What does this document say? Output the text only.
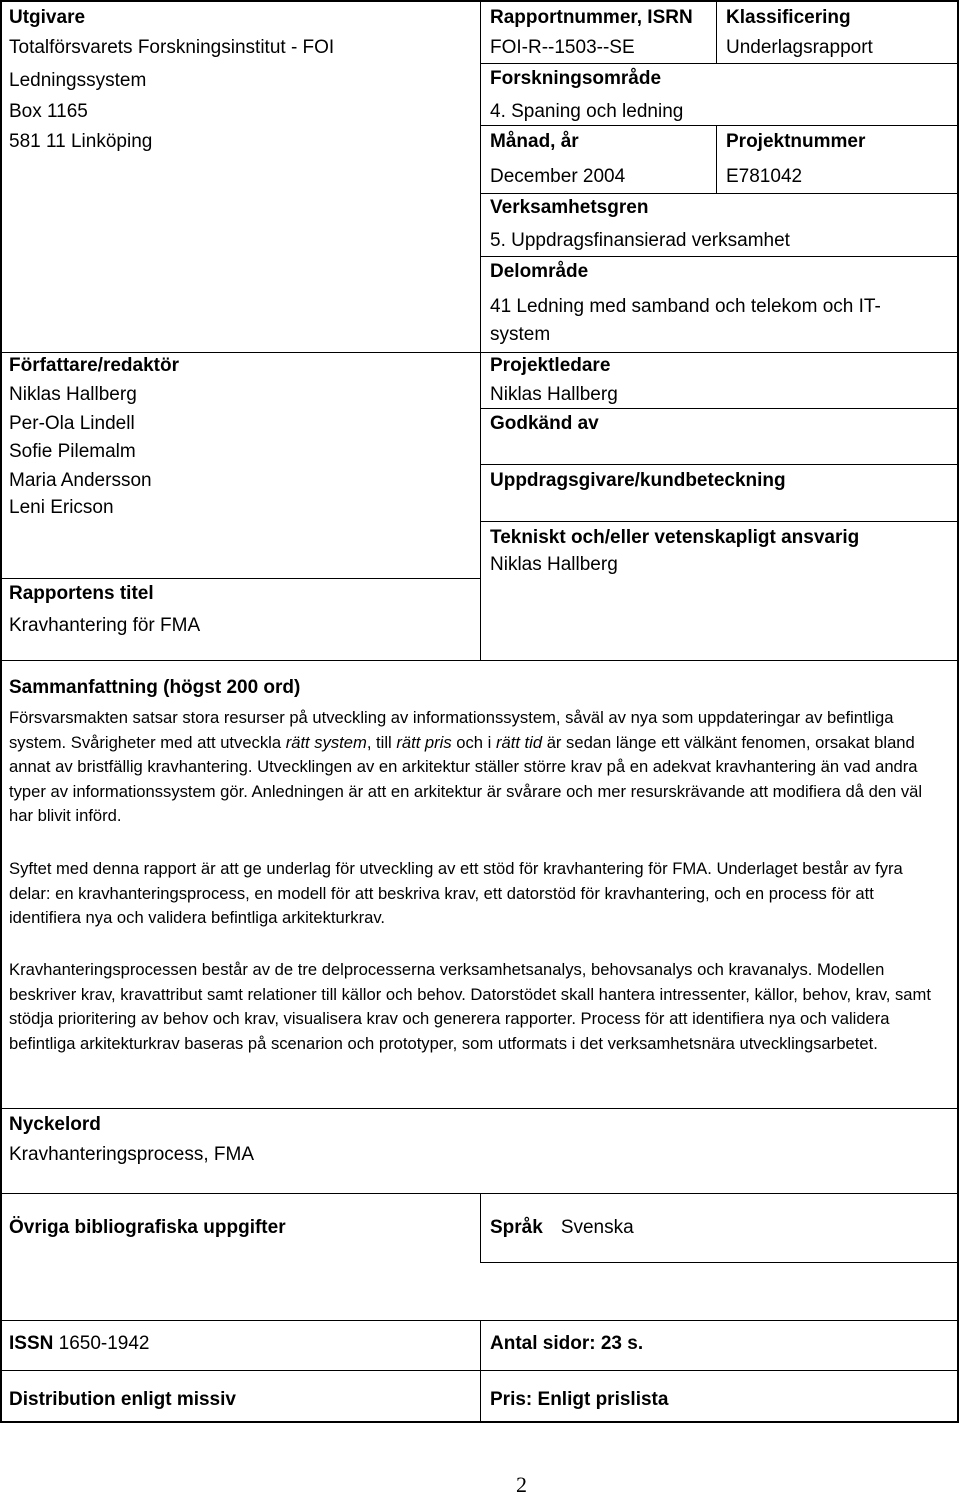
Utgivare
Totalförsvarets Forskningsinstitut - FOI
Ledningssystem
Box 1165
581 11 Linköping
Författare/redaktör
Niklas Hallberg
Per-Ola Lindell
Sofie Pilemalm
Maria Andersson
Leni Ericson
Rapportens titel
Kravhantering för FMA
Rapportnummer, ISRN
FOI-R--1503--SE
Klassificering
Underlagsrapport
Forskningsområde
4. Spaning och ledning
Månad, år
December 2004
Projektnummer
E781042
Verksamhetsgren
5. Uppdragsfinansierad verksamhet
Delområde
41 Ledning med samband och telekom och IT-
system
Projektledare
Niklas Hallberg
Godkänd av
Uppdragsgivare/kundbeteckning
Tekniskt och/eller vetenskapligt ansvarig
Niklas Hallberg
Sammanfattning (högst 200 ord)
Försvarsmakten satsar stora resurser på utveckling av informationssystem, såväl av nya som uppdateringar av befintliga system. Svårigheter med att utveckla rätt system, till rätt pris och i rätt tid är sedan länge ett välkänt fenomen, orsakat bland annat av bristfällig kravhantering. Utvecklingen av en arkitektur ställer större krav på en adekvat kravhantering än vad andra typer av informationssystem gör. Anledningen är att en arkitektur är svårare och mer resurskrävande att modifiera då den väl har blivit införd.
Syftet med denna rapport är att ge underlag för utveckling av ett stöd för kravhantering för FMA. Underlaget består av fyra delar: en kravhanteringsprocess, en modell för att beskriva krav, ett datorstöd för kravhantering, och en process för att identifiera nya och validera befintliga arkitekturkrav.
Kravhanteringsprocessen består av de tre delprocesserna verksamhetsanalys, behovsanalys och kravanalys. Modellen beskriver krav, kravattribut samt relationer till källor och behov. Datorstödet skall hantera intressenter, källor, behov, krav, samt stödja prioritering av behov och krav, visualisera krav och generera rapporter. Process för att identifiera nya och validera befintliga arkitekturkrav baseras på scenarion och prototyper, som utformats i det verksamhetsnära utvecklingsarbetet.
Nyckelord
Kravhanteringsprocess, FMA
Övriga bibliografiska uppgifter	Språk Svenska
ISSN 1650-1942	Antal sidor: 23 s.
Distribution enligt missiv	Pris: Enligt prislista
2
